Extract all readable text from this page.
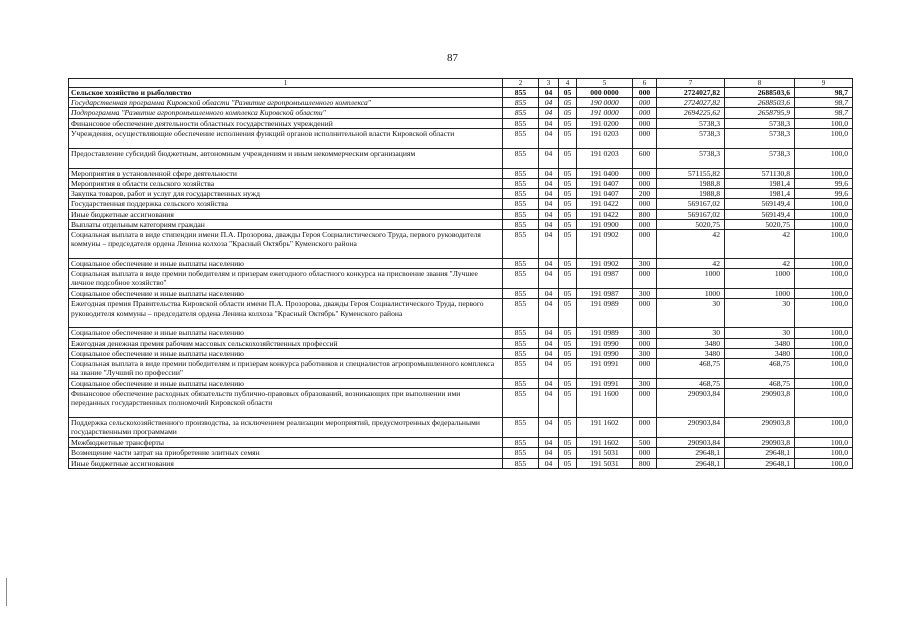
87
1	2	3	4	5	6	7	8	9
Сельское хозяйство и рыболовство	855	04	05	000 0000	000	2724027,82	2688503,6	98,7
Государственная программа Кировской области "Развитие агропромышленного комплекса"	855	04	05	190 0000	000	2724027,82	2688503,6	98,7
Подпрограмма "Развитие агропромышленного комплекса Кировской области"	855	04	05	191 0000	000	2694225,62	2658795,9	98,7
Финансовое обеспечение деятельности областных государственных учреждений	855	04	05	191 0200	000	5738,3	5738,3	100,0
Учреждения, осуществляющие обеспечение исполнения функций органов исполнительной власти Кировской области	855	04	05	191 0203	000	5738,3	5738,3	100,0
Предоставление субсидий бюджетным, автономным учреждениям и иным некоммерческим организациям	855	04	05	191 0203	600	5738,3	5738,3	100,0
Мероприятия в установленной сфере деятельности	855	04	05	191 0400	000	571155,82	571130,8	100,0
Мероприятия в области сельского хозяйства	855	04	05	191 0407	000	1988,8	1981,4	99,6
Закупка товаров, работ и услуг для государственных нужд	855	04	05	191 0407	200	1988,8	1981,4	99,6
Государственная поддержка сельского хозяйства	855	04	05	191 0422	000	569167,02	569149,4	100,0
Иные бюджетные ассигнования	855	04	05	191 0422	800	569167,02	569149,4	100,0
Выплаты отдельным категориям граждан	855	04	05	191 0900	000	5020,75	5020,75	100,0
Социальная выплата в виде стипендии имени П.А. Прозорова, дважды Героя Социалистического Труда, первого руководителя коммуны – председателя ордена Ленина колхоза "Красный Октябрь" Куменского района	855	04	05	191 0902	000	42	42	100,0
Социальное обеспечение и иные выплаты населению	855	04	05	191 0902	300	42	42	100,0
Социальная выплата в виде премии победителям и призерам ежегодного областного конкурса на присвоение звания "Лучшее личное подсобное хозяйство"	855	04	05	191 0987	000	1000	1000	100,0
Социальное обеспечение и иные выплаты населению	855	04	05	191 0987	300	1000	1000	100,0
Ежегодная премия Правительства Кировской области имени П.А. Прозорова, дважды Героя Социалистического Труда, первого руководителя коммуны – председателя ордена Ленина колхоза "Красный Октябрь" Куменского района	855	04	05	191 0989	000	30	30	100,0
Социальное обеспечение и иные выплаты населению	855	04	05	191 0989	300	30	30	100,0
Ежегодная денежная премия рабочим массовых сельскохозяйственных профессий	855	04	05	191 0990	000	3480	3480	100,0
Социальное обеспечение и иные выплаты населению	855	04	05	191 0990	300	3480	3480	100,0
Социальная выплата в виде премии победителям и призерам конкурса работников и специалистов агропромышленного комплекса на звание "Лучший по профессии"	855	04	05	191 0991	000	468,75	468,75	100,0
Социальное обеспечение и иные выплаты населению	855	04	05	191 0991	300	468,75	468,75	100,0
Финансовое обеспечение расходных обязательств публично-правовых образований, возникающих при выполнении ими переданных государственных полномочий Кировской области	855	04	05	191 1600	000	290903,84	290903,8	100,0
Поддержка сельскохозяйственного производства, за исключением реализации мероприятий, предусмотренных федеральными государственными программами	855	04	05	191 1602	000	290903,84	290903,8	100,0
Межбюджетные трансферты	855	04	05	191 1602	500	290903,84	290903,8	100,0
Возмещение части затрат на приобретение элитных семян	855	04	05	191 5031	000	29648,1	29648,1	100,0
Иные бюджетные ассигнования	855	04	05	191 5031	800	29648,1	29648,1	100,0
